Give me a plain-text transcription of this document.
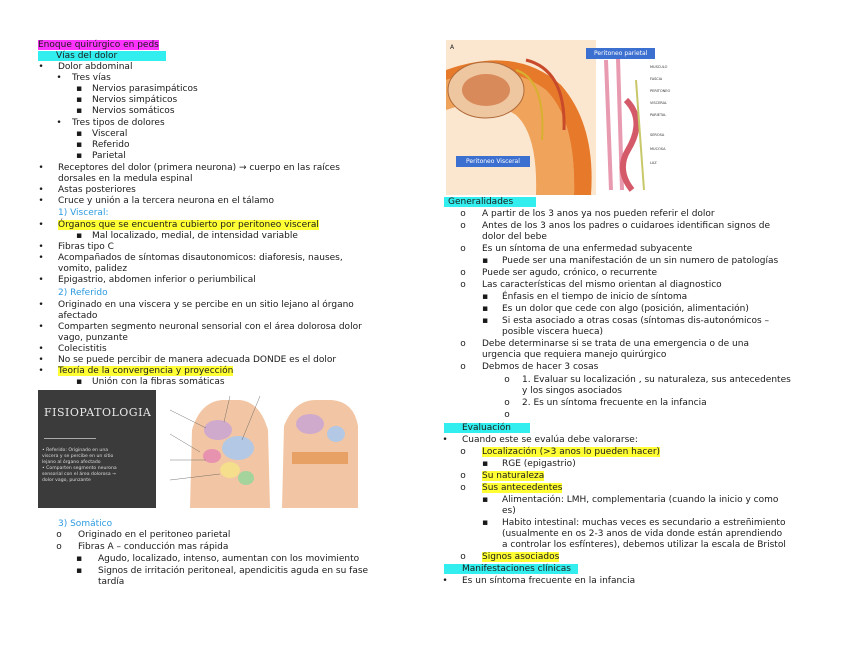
Enoque quirúrgico en peds
Vías del dolor
• Dolor abdominal
• Tres vías
▪ Nervios parasimpáticos
▪ Nervios simpáticos
▪ Nervios somáticos
• Tres tipos de dolores
▪ Visceral
▪ Referido
▪ Parietal
• Receptores del dolor (primera neurona) → cuerpo en las raíces
dorsales en la medula espinal
• Astas posteriores
• Cruce y unión a la tercera neurona en el tálamo
1) Visceral:
• Órganos que se encuentra cubierto por peritoneo visceral
▪ Mal localizado, medial, de intensidad variable
• Fibras tipo C
• Acompañados de síntomas disautonomicos: diaforesis, nauses,
vomito, palidez
• Epigastrio, abdomen inferior o periumbilical
2) Referido
• Originado en una viscera y se percibe en un sitio lejano al órgano
afectado
• Comparten segmento neuronal sensorial con el área dolorosa dolor
vago, punzante
• Colecistitis
• No se puede percibir de manera adecuada DONDE es el dolor
• Teoría de la convergencia y proyección
▪ Unión con la fibras somáticas
FISIOPATOLOGIA
• Referido: Originado en una
viscera y se percibe en un sitio
lejano al órgano afectado
• Comparten segmento neurona
sensorial con el área dolorosa →
dolor vago, punzante
3) Somático
o Originado en el peritoneo parietal
o Fibras A – conducción mas rápida
▪ Agudo, localizado, intenso, aumentan con los movimiento
▪ Signos de irritación peritoneal, apendicitis aguda en su fase
tardía
MUSCULO
FASCIA
PERITONEO
VISCERAL
PARIETAL
SEROSA
MUCOSA
LUZ
A
Peritoneo parietal
Peritoneo Visceral
Generalidades
o A partir de los 3 anos ya nos pueden referir el dolor
o Antes de los 3 anos los padres o cuidaroes identifican signos de
dolor del bebe
o Es un síntoma de una enfermedad subyacente
▪ Puede ser una manifestación de un sin numero de patologías
o Puede ser agudo, crónico, o recurrente
o Las características del mismo orientan al diagnostico
▪ Énfasis en el tiempo de inicio de síntoma
▪ Es un dolor que cede con algo (posición, alimentación)
▪ Si esta asociado a otras cosas (síntomas dis-autonómicos –
posible viscera hueca)
o Debe determinarse si se trata de una emergencia o de una
urgencia que requiera manejo quirúrgico
o Debmos de hacer 3 cosas
o 1. Evaluar su localización , su naturaleza, sus antecedentes
y los singos asociados
o 2. Es un síntoma frecuente en la infancia
o
Evaluación
• Cuando este se evalúa debe valorarse:
o Localización (>3 anos lo pueden hacer)
▪ RGE (epigastrio)
o Su naturaleza
o Sus antecedentes
▪ Alimentación: LMH, complementaria (cuando la inicio y como
es)
▪ Habito intestinal: muchas veces es secundario a estreñimiento
(usualmente en os 2-3 anos de vida donde están aprendiendo
a controlar los esfínteres), debemos utilizar la escala de Bristol
o Signos asociados
Manifestaciones clínicas
• Es un síntoma frecuente en la infancia
